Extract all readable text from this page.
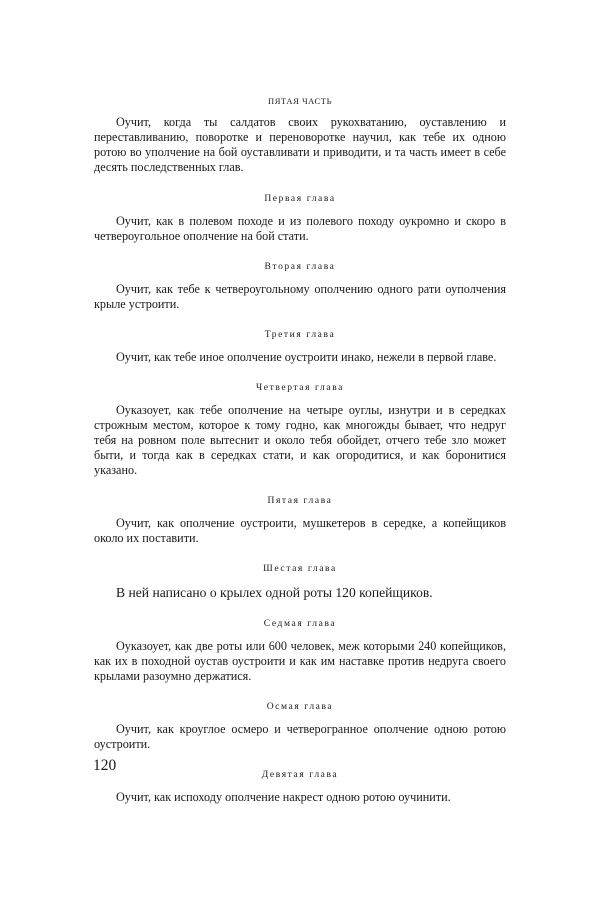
ПЯТАЯ ЧАСТЬ

Оучит, когда ты салдатов своих рукохватанию, оуставлению и переставливанию, поворотке и переноворотке научил, как тебе их одною ротою во уполчение на бой оуставливати и приводити, и та часть имеет в себе десять последственных глав.

Первая глава

Оучит, как в полевом походе и из полевого походу оукромно и скоро в четвероугольное ополчение на бой стати.

Вторая глава

Оучит, как тебе к четвероугольному ополчению одного рати оуполчения крыле устроити.

Третия глава

Оучит, как тебе иное ополчение оустроити инако, нежели в первой главе.

Четвертая глава

Оуказоует, как тебе ополчение на четыре оуглы, изнутри и в середках строжным местом, которое к тому годно, как многожды бывает, что недруг тебя на ровном поле вытеснит и около тебя обойдет, отчего тебе зло может быти, и тогда как в середках стати, и как огородитися, и как боронитися указано.

Пятая глава

Оучит, как ополчение оустроити, мушкетеров в середке, а копейщиков около их поставити.

Шестая глава

В ней написано о крылех одной роты 120 копейщиков.

Седмая глава

Оуказоует, как две роты или 600 человек, меж которыми 240 копейщиков, как их в походной оустав оустроити и как им наставке против недруга своего крылами разоумно держатися.

Осмая глава

Оучит, как кроуглое осмеро и четверогранное ополчение одною ротою оустроити.

Девятая глава

Оучит, как испоходу ополчение накрест одною ротою оучинити.

120
